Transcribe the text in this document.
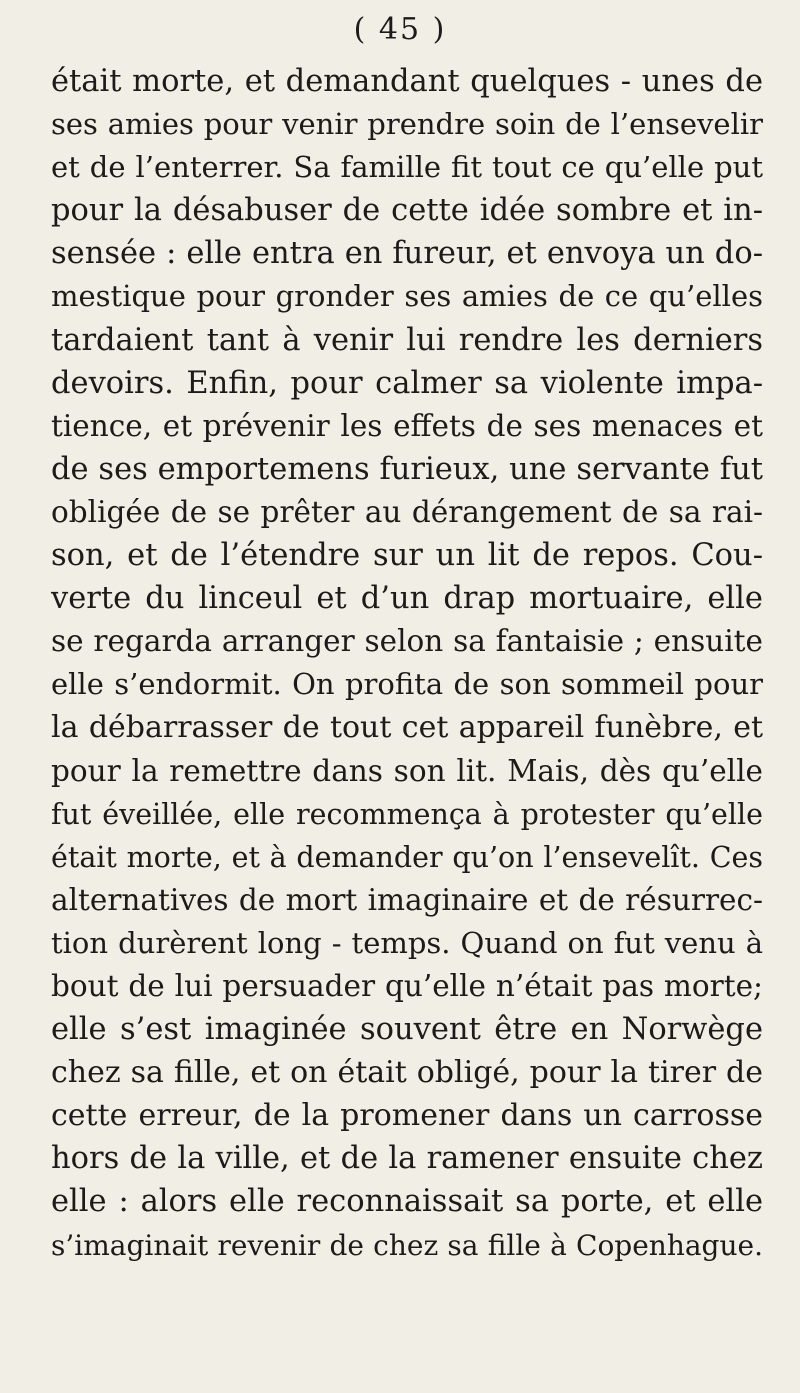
( 45 )
était morte, et demandant quelques - unes de
ses amies pour venir prendre soin de l’ensevelir
et de l’enterrer. Sa famille fit tout ce qu’elle put
pour la désabuser de cette idée sombre et in-
sensée : elle entra en fureur, et envoya un do-
mestique pour gronder ses amies de ce qu’elles
tardaient tant à venir lui rendre les derniers
devoirs. Enfin, pour calmer sa violente impa-
tience, et prévenir les effets de ses menaces et
de ses emportemens furieux, une servante fut
obligée de se prêter au dérangement de sa rai-
son, et de l’étendre sur un lit de repos. Cou-
verte du linceul et d’un drap mortuaire, elle
se regarda arranger selon sa fantaisie ; ensuite
elle s’endormit. On profita de son sommeil pour
la débarrasser de tout cet appareil funèbre, et
pour la remettre dans son lit. Mais, dès qu’elle
fut éveillée, elle recommença à protester qu’elle
était morte, et à demander qu’on l’ensevelît. Ces
alternatives de mort imaginaire et de résurrec-
tion durèrent long - temps. Quand on fut venu à
bout de lui persuader qu’elle n’était pas morte;
elle s’est imaginée souvent être en Norwège
chez sa fille, et on était obligé, pour la tirer de
cette erreur, de la promener dans un carrosse
hors de la ville, et de la ramener ensuite chez
elle : alors elle reconnaissait sa porte, et elle
s’imaginait revenir de chez sa fille à Copenhague.
